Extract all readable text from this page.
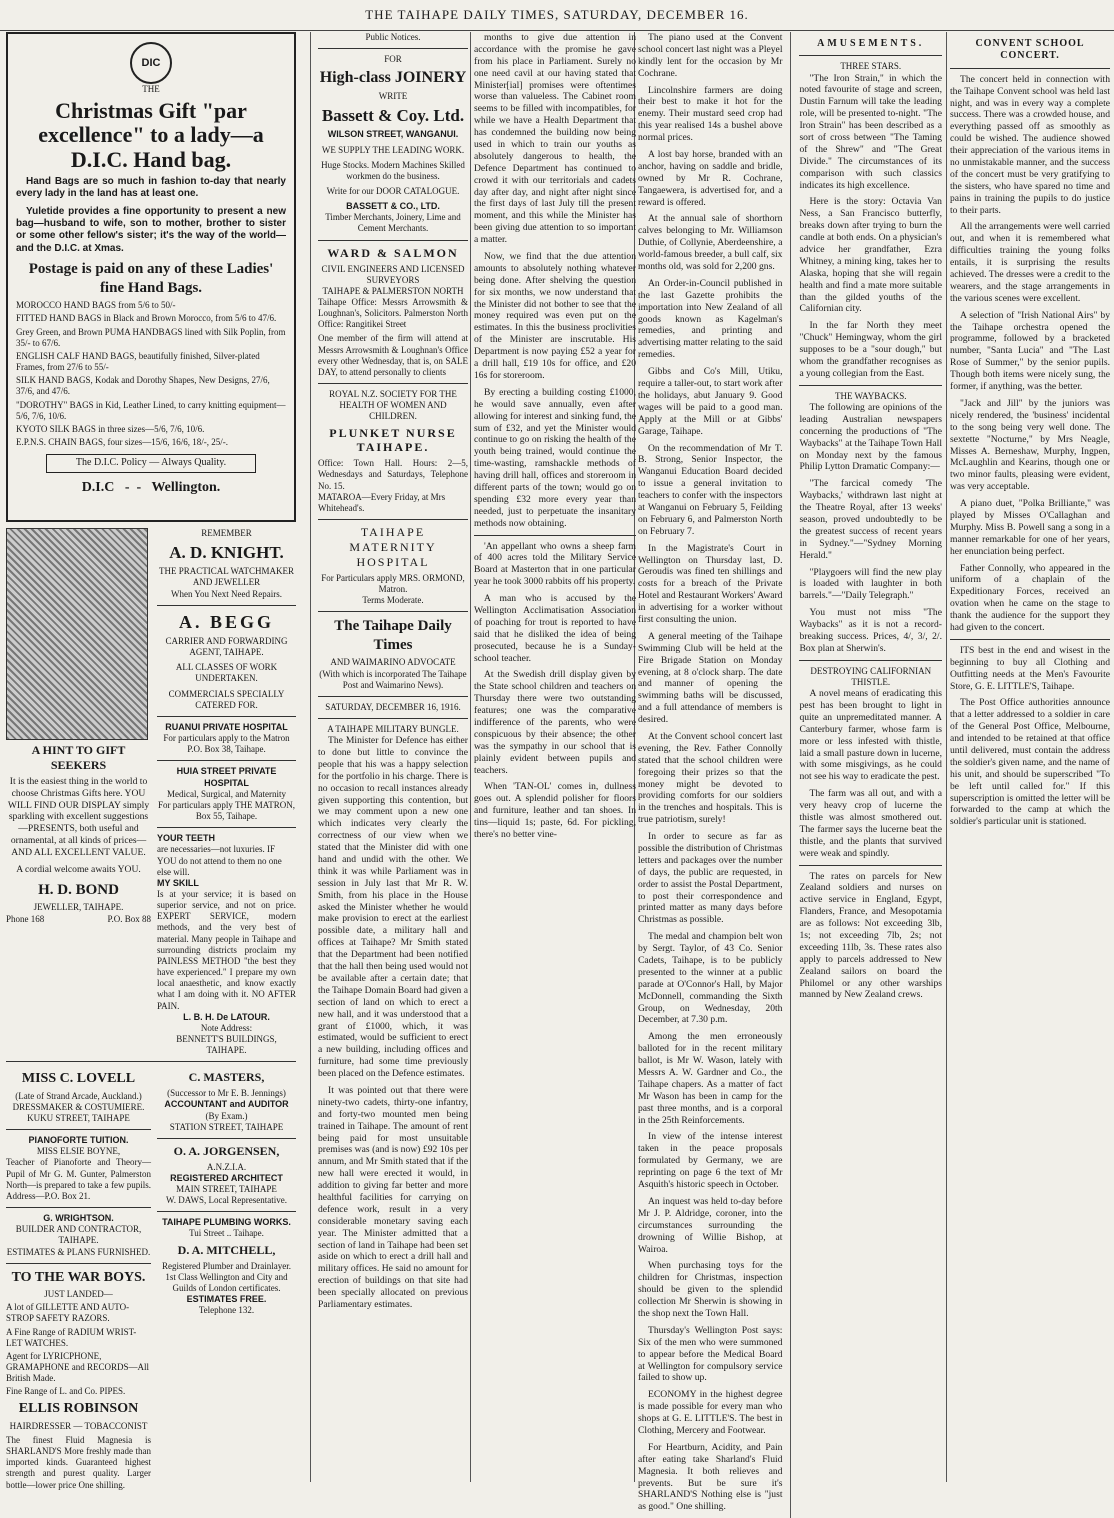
THE TAIHAPE DAILY TIMES, SATURDAY, DECEMBER 16.
DIC
THE
Christmas Gift "par excellence" to a lady—a D.I.C. Hand bag.

Hand Bags are so much in fashion to-day that nearly every lady in the land has at least one.

Yuletide provides a fine opportunity to present a new bag—husband to wife, son to mother, brother to sister or some other fellow's sister; it's the way of the world—and the D.I.C. at Xmas.

Postage is paid on any of these Ladies' fine Hand Bags.
MOROCCO HAND BAGS from 5/6 to 50/-
FITTED HAND BAGS in Black and Brown Morocco, from 5/6 to 47/6.
Grey Green, and Brown PUMA HANDBAGS lined with Silk Poplin, from 35/- to 67/6.
ENGLISH CALF HAND BAGS, beautifully finished, Silver-plated Frames, from 27/6 to 55/-
SILK HAND BAGS, Kodak and Dorothy Shapes, New Designs, 27/6, 37/6, and 47/6.
"DOROTHY" BAGS in Kid, Leather Lined, to carry knitting equipment—5/6, 7/6, 10/6.
KYOTO SILK BAGS in three sizes—5/6, 7/6, 10/6.
E.P.N.S. CHAIN BAGS, four sizes—15/6, 16/6, 18/-, 25/-.
The D.I.C. Policy — Always Quality.
D.I.C   -  -   Wellington.
A HINT TO GIFT SEEKERS

It is the easiest thing in the world to choose Christmas Gifts here. YOU WILL FIND OUR DISPLAY simply sparkling with excellent suggestions—PRESENTS, both useful and ornamental, at all kinds of prices—AND ALL EXCELLENT VALUE.

A cordial welcome awaits YOU.

H. D. BOND
JEWELLER, TAIHAPE.
Phone 168	P.O. Box 88
REMEMBER
A. D. KNIGHT.
THE PRACTICAL WATCHMAKER AND JEWELLER
When You Next Need Repairs.
A. BEGG
CARRIER AND FORWARDING AGENT, TAIHAPE.
ALL CLASSES OF WORK UNDERTAKEN.
COMMERCIALS SPECIALLY CATERED FOR.
RUANUI PRIVATE HOSPITAL
For particulars apply to the Matron P.O. Box 38, Taihape.
HUIA STREET PRIVATE HOSPITAL
Medical, Surgical, and Maternity
For particulars apply THE MATRON, Box 55, Taihape.
YOUR TEETH
are necessaries—not luxuries. IF YOU do not attend to them no one else will.
MY SKILL
Is at your service; it is based on superior service, and not on price. EXPERT SERVICE, modern methods, and the very best of material. Many people in Taihape and surrounding districts proclaim my PAINLESS METHOD "the best they have experienced." I prepare my own local anaesthetic, and know exactly what I am doing with it. NO AFTER PAIN.
L. B. H. De LATOUR.
Note Address:
BENNETT'S BUILDINGS, TAIHAPE.
MISS C. LOVELL
(Late of Strand Arcade, Auckland.)
DRESSMAKER & COSTUMIERE.
KUKU STREET, TAIHAPE
PIANOFORTE TUITION.
MISS ELSIE BOYNE,
Teacher of Pianoforte and Theory—Pupil of Mr G. M. Gunter, Palmerston North—is prepared to take a few pupils. Address—P.O. Box 21.
G. WRIGHTSON.
BUILDER AND CONTRACTOR, TAIHAPE.
ESTIMATES & PLANS FURNISHED.
TO THE WAR BOYS.
JUST LANDED—
A lot of GILLETTE AND AUTO-STROP SAFETY RAZORS.
A Fine Range of RADIUM WRIST-LET WATCHES.
Agent for LYRICPHONE, GRAMAPHONE and RECORDS—All British Made.
Fine Range of L. and Co. PIPES.
ELLIS ROBINSON
HAIRDRESSER — TOBACCONIST
The finest Fluid Magnesia is SHARLAND'S More freshly made than imported kinds. Guaranteed highest strength and purest quality. Larger bottle—lower price One shilling.
C. MASTERS,
(Successor to Mr E. B. Jennings)
ACCOUNTANT and AUDITOR
(By Exam.)
STATION STREET, TAIHAPE
O. A. JORGENSEN,
A.N.Z.I.A.
REGISTERED ARCHITECT
MAIN STREET, TAIHAPE
W. DAWS, Local Representative.
TAIHAPE PLUMBING WORKS.
Tui Street .. Taihape.
D. A. MITCHELL,
Registered Plumber and Drainlayer.
1st Class Wellington and City and Guilds of London certificates.
ESTIMATES FREE.
Telephone 132.
Public Notices.
FOR
High-class JOINERY
WRITE
Bassett & Coy. Ltd.
WILSON STREET, WANGANUI.
WE SUPPLY THE LEADING WORK.
Huge Stocks. Modern Machines Skilled workmen do the business.
Write for our DOOR CATALOGUE.
BASSETT & CO., LTD.
Timber Merchants, Joinery, Lime and Cement Merchants.
WARD & SALMON
CIVIL ENGINEERS AND LICENSED SURVEYORS
TAIHAPE & PALMERSTON NORTH
Taihape Office: Messrs Arrowsmith & Loughnan's, Solicitors. Palmerston North Office: Rangitikei Street
One member of the firm will attend at Messrs Arrowsmith & Loughnan's Office every other Wednesday, that is, on SALE DAY, to attend personally to clients
ROYAL N.Z. SOCIETY FOR THE HEALTH OF WOMEN AND CHILDREN.
PLUNKET NURSE TAIHAPE.
Office: Town Hall. Hours: 2—5, Wednesdays and Saturdays, Telephone No. 15.
MATAROA—Every Friday, at Mrs Whitehead's.
TAIHAPE MATERNITY HOSPITAL
For Particulars apply MRS. ORMOND, Matron.
Terms Moderate.
The Taihape Daily Times
AND WAIMARINO ADVOCATE
(With which is incorporated The Taihape Post and Waimarino News).
SATURDAY, DECEMBER 16, 1916.
A TAIHAPE MILITARY BUNGLE.

The Minister for Defence has either to done but little to convince the people that his was a happy selection for the portfolio in his charge. There is no occasion to recall instances already given supporting this contention, but we may comment upon a new one which indicates very clearly the correctness of our view when we stated that the Minister did with one hand and undid with the other. We think it was while Parliament was in session in July last that Mr R. W. Smith, from his place in the House asked the Minister whether he would make provision to erect at the earliest possible date, a military hall and offices at Taihape? Mr Smith stated that the Department had been notified that the hall then being used would not be available after a certain date; that the Taihape Domain Board had given a section of land on which to erect a new hall, and it was understood that a grant of £1000, which, it was estimated, would be sufficient to erect a new building, including offices and furniture, had some time previously been placed on the Defence estimates.

It was pointed out that there were ninety-two cadets, thirty-one infantry, and forty-two mounted men being trained in Taihape. The amount of rent being paid for most unsuitable premises was (and is now) £92 10s per annum, and Mr Smith stated that if the new hall were erected it would, in addition to giving far better and more healthful facilities for carrying on defence work, result in a very considerable monetary saving each year. The Minister admitted that a section of land in Taihape had been set aside on which to erect a drill hall and military offices. He said no amount for erection of buildings on that site had been specially allocated on previous Parliamentary estimates.

months to give due attention in accordance with the promise he gave from his place in Parliament. Surely no one need cavil at our having stated that Minister[ial] promises were oftentimes worse than valueless. The Cabinet room seems to be filled with incompatibles, for while we have a Health Department that has condemned the building now being used in which to train our youths as absolutely dangerous to health, the Defence Department has continued to crowd it with our territorials and cadets day after day, and night after night since the first days of last July till the present moment, and this while the Minister has been giving due attention to so important a matter.

Now, we find that the due attention amounts to absolutely nothing whatever being done. After shelving the question for six months, we now understand that the Minister did not bother to see that the money required was even put on the estimates. In this the business proclivities of the Minister are inscrutable. His Department is now paying £52 a year for a drill hall, £19 10s for office, and £20 16s for storeroom.

By erecting a building costing £1000, he would save annually, even after allowing for interest and sinking fund, the sum of £32, and yet the Minister would continue to go on risking the health of the youth being trained, would continue the time-wasting, ramshackle methods of having drill hall, offices and storeroom in different parts of the town; would go on spending £32 more every year than needed, just to perpetuate the insanitary methods now obtaining.

'An appellant who owns a sheep farm of 400 acres told the Military Service Board at Masterton that in one particular year he took 3000 rabbits off his property.

A man who is accused by the Wellington Acclimatisation Association of poaching for trout is reported to have said that he disliked the idea of being prosecuted, because he is a Sunday-school teacher.

At the Swedish drill display given by the State school children and teachers on Thursday there were two outstanding features; one was the comparative indifference of the parents, who were conspicuous by their absence; the other was the sympathy in our school that is plainly evident between pupils and teachers.

When 'TAN-OL' comes in, dullness goes out. A splendid polisher for floors and furniture, leather and tan shoes. In tins—liquid 1s; paste, 6d. For pickling, there's no better vine-

The piano used at the Convent school concert last night was a Pleyel kindly lent for the occasion by Mr Cochrane.

Lincolnshire farmers are doing their best to make it hot for the enemy. Their mustard seed crop had this year realised 14s a bushel above normal prices.

A lost bay horse, branded with an anchor, having on saddle and bridle, owned by Mr R. Cochrane, Tangaewera, is advertised for, and a reward is offered.

At the annual sale of shorthorn calves belonging to Mr. Williamson Duthie, of Collynie, Aberdeenshire, a world-famous breeder, a bull calf, six months old, was sold for 2,200 gns.

An Order-in-Council published in the last Gazette prohibits the importation into New Zealand of all goods known as Kagelman's remedies, and printing and advertising matter relating to the said remedies.

Gibbs and Co's Mill, Utiku, require a taller-out, to start work after the holidays, abut January 9. Good wages will be paid to a good man. Apply at the Mill or at Gibbs' Garage, Taihape.

On the recommendation of Mr T. B. Strong, Senior Inspector, the Wanganui Education Board decided to issue a general invitation to teachers to confer with the inspectors at Wanganui on February 5, Feilding on February 6, and Palmerston North on February 7.

In the Magistrate's Court in Wellington on Thursday last, D. Geroudis was fined ten shillings and costs for a breach of the Private Hotel and Restaurant Workers' Award in advertising for a worker without first consulting the union.

A general meeting of the Taihape Swimming Club will be held at the Fire Brigade Station on Monday evening, at 8 o'clock sharp. The date and manner of opening the swimming baths will be discussed, and a full attendance of members is desired.

At the Convent school concert last evening, the Rev. Father Connolly stated that the school children were foregoing their prizes so that the money might be devoted to providing comforts for our soldiers in the trenches and hospitals. This is true patriotism, surely!

In order to secure as far as possible the distribution of Christmas letters and packages over the number of days, the public are requested, in order to assist the Postal Department, to post their correspondence and printed matter as many days before Christmas as possible.

The medal and champion belt won by Sergt. Taylor, of 43 Co. Senior Cadets, Taihape, is to be publicly presented to the winner at a public parade at O'Connor's Hall, by Major McDonnell, commanding the Sixth Group, on Wednesday, 20th December, at 7.30 p.m.

Among the men erroneously balloted for in the recent military ballot, is Mr W. Wason, lately with Messrs A. W. Gardner and Co., the Taihape chapers. As a matter of fact Mr Wason has been in camp for the past three months, and is a corporal in the 25th Reinforcements.

In view of the intense interest taken in the peace proposals formulated by Germany, we are reprinting on page 6 the text of Mr Asquith's historic speech in October.

An inquest was held to-day before Mr J. P. Aldridge, coroner, into the circumstances surrounding the drowning of Willie Bishop, at Wairoa.

When purchasing toys for the children for Christmas, inspection should be given to the splendid collection Mr Sherwin is showing in the shop next the Town Hall.

Thursday's Wellington Post says: Six of the men who were summoned to appear before the Medical Board at Wellington for compulsory service failed to show up.

ECONOMY in the highest degree is made possible for every man who shops at G. E. LITTLE'S. The best in Clothing, Mercery and Footwear.

For Heartburn, Acidity, and Pain after eating take Sharland's Fluid Magnesia. It both relieves and prevents. But be sure it's SHARLAND'S Nothing else is "just as good." One shilling.

AMUSEMENTS.
THREE STARS.

"The Iron Strain," in which the noted favourite of stage and screen, Dustin Farnum will take the leading role, will be presented to-night. "The Iron Strain" has been described as a sort of cross between "The Taming of the Shrew" and "The Great Divide." The circumstances of its comparison with such classics indicates its high excellence.

Here is the story: Octavia Van Ness, a San Francisco butterfly, breaks down after trying to burn the candle at both ends. On a physician's advice her grandfather, Ezra Whitney, a mining king, takes her to Alaska, hoping that she will regain health and find a mate more suitable than the gilded youths of the Californian city.

In the far North they meet "Chuck" Hemingway, whom the girl supposes to be a "sour dough," but whom the grandfather recognises as a young collegian from the East.

THE WAYBACKS.

The following are opinions of the leading Australian newspapers concerning the productions of "The Waybacks" at the Taihape Town Hall on Monday next by the famous Philip Lytton Dramatic Company:—

"The farcical comedy 'The Waybacks,' withdrawn last night at the Theatre Royal, after 13 weeks' season, proved undoubtedly to be the greatest success of recent years in Sydney."—"Sydney Morning Herald."

"Playgoers will find the new play is loaded with laughter in both barrels."—"Daily Telegraph."

You must not miss "The Waybacks" as it is not a record-breaking success. Prices, 4/, 3/, 2/. Box plan at Sherwin's.

DESTROYING CALIFORNIAN THISTLE.

A novel means of eradicating this pest has been brought to light in quite an unpremeditated manner. A Canterbury farmer, whose farm is more or less infested with thistle, laid a small pasture down in lucerne, with some misgivings, as he could not see his way to eradicate the pest.

The farm was all out, and with a very heavy crop of lucerne the thistle was almost smothered out. The farmer says the lucerne beat the thistle, and the plants that survived were weak and spindly.

The rates on parcels for New Zealand soldiers and nurses on active service in England, Egypt, Flanders, France, and Mesopotamia are as follows: Not exceeding 3lb, 1s; not exceeding 7lb, 2s; not exceeding 11lb, 3s. These rates also apply to parcels addressed to New Zealand sailors on board the Philomel or any other warships manned by New Zealand crews.

CONVENT SCHOOL CONCERT.

The concert held in connection with the Taihape Convent school was held last night, and was in every way a complete success. There was a crowded house, and everything passed off as smoothly as could be wished. The audience showed their appreciation of the various items in no unmistakable manner, and the success of the concert must be very gratifying to the sisters, who have spared no time and pains in training the pupils to do justice to their parts.

All the arrangements were well carried out, and when it is remembered what difficulties training the young folks entails, it is surprising the results achieved. The dresses were a credit to the wearers, and the stage arrangements in the various scenes were excellent.

A selection of "Irish National Airs" by the Taihape orchestra opened the programme, followed by a bracketed number, "Santa Lucia" and "The Last Rose of Summer," by the senior pupils. Though both items were nicely sung, the former, if anything, was the better.

"Jack and Jill" by the juniors was nicely rendered, the 'business' incidental to the song being very well done. The sextette "Nocturne," by Mrs Neagle, Misses A. Berneshaw, Murphy, Ingpen, McLaughlin and Kearins, though one or two minor faults, pleasing were evident, was very acceptable.

A piano duet, "Polka Brilliante," was played by Misses O'Callaghan and Murphy. Miss B. Powell sang a song in a manner remarkable for one of her years, her enunciation being perfect.

Father Connolly, who appeared in the uniform of a chaplain of the Expeditionary Forces, received an ovation when he came on the stage to thank the audience for the support they had given to the concert.

ITS best in the end and wisest in the beginning to buy all Clothing and Outfitting needs at the Men's Favourite Store, G. E. LITTLE'S, Taihape.

The Post Office authorities announce that a letter addressed to a soldier in care of the General Post Office, Melbourne, and intended to be retained at that office until delivered, must contain the address the soldier's given name, and the name of his unit, and should be superscribed "To be left until called for." If this superscription is omitted the letter will be forwarded to the camp at which the soldier's particular unit is stationed.
